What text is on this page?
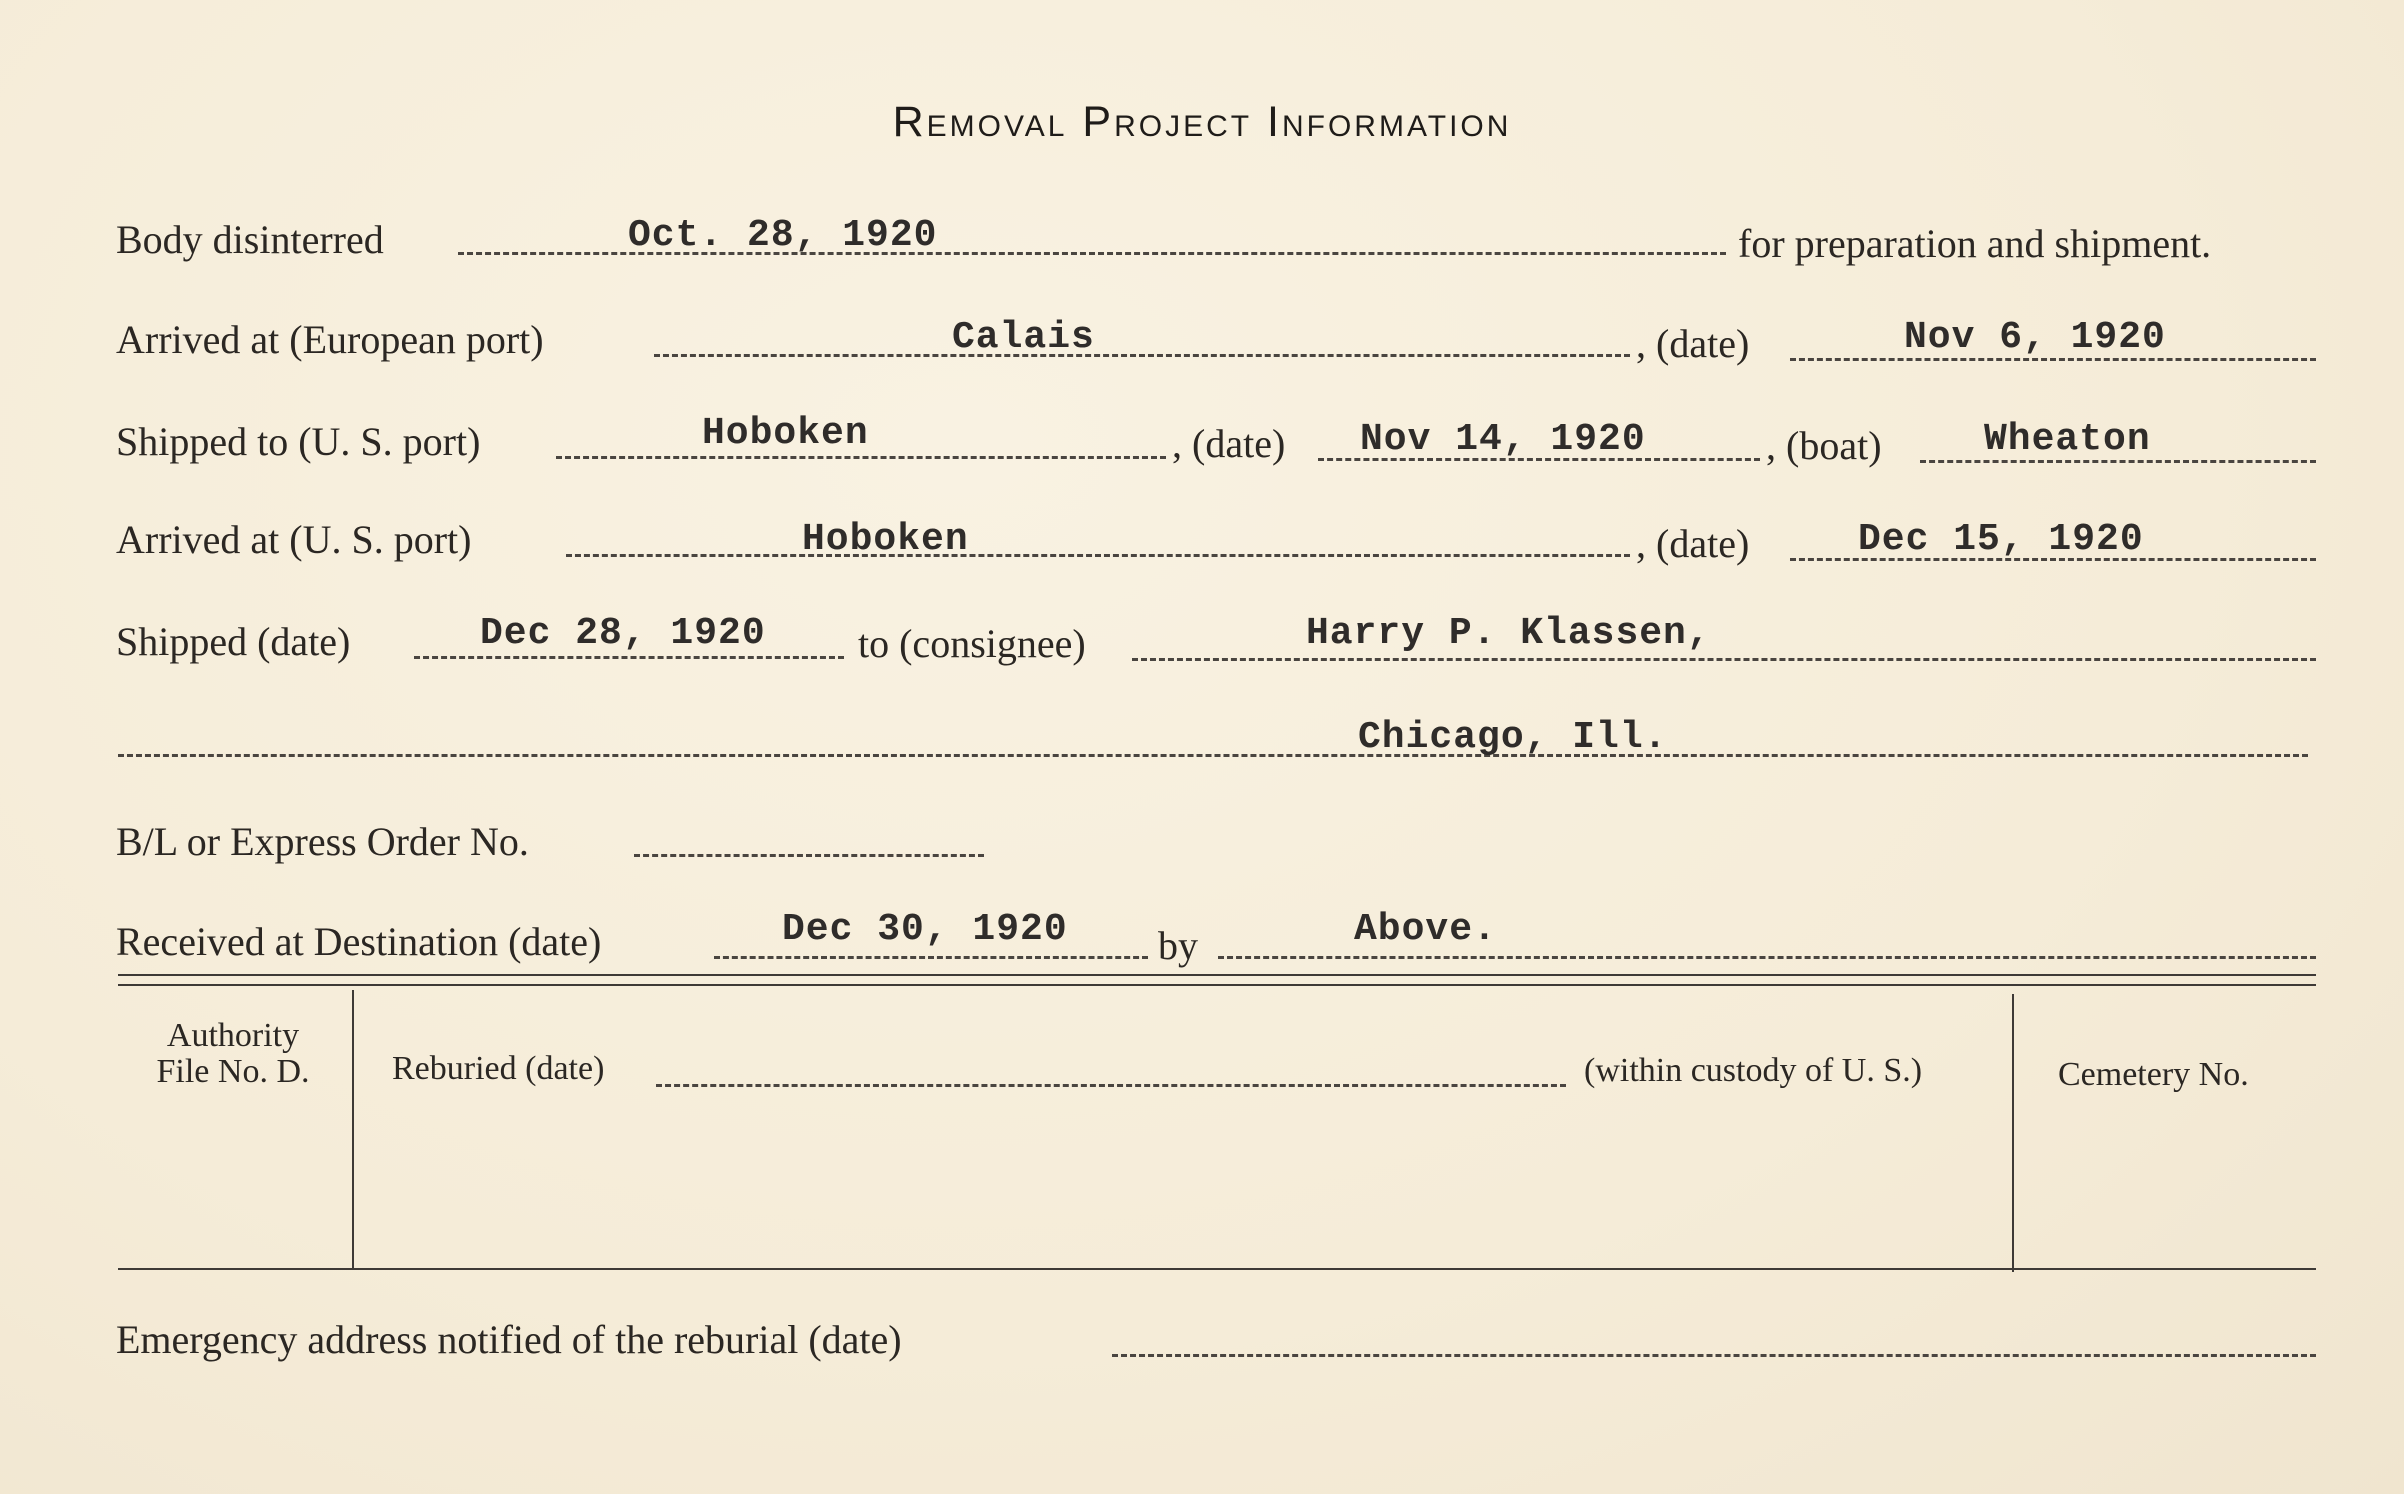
Removal Project Information
Body disinterred	Oct. 28, 1920	for preparation and shipment.
Arrived at (European port)	Calais	, (date)	Nov 6, 1920
Shipped to (U. S. port)	Hoboken	, (date) Nov 14, 1920	, (boat)	Wheaton
Arrived at (U. S. port)	Hoboken	, (date)	Dec 15, 1920
Shipped (date)	Dec 28, 1920 to (consignee)	Harry P. Klassen,
Chicago, Ill.
B/L or Express Order No.
Received at Destination (date)	Dec 30, 1920 by	Above.
Authority
File No. D.	Reburied (date)	(within custody of U. S.)	Cemetery No.
Emergency address notified of the reburial (date)
